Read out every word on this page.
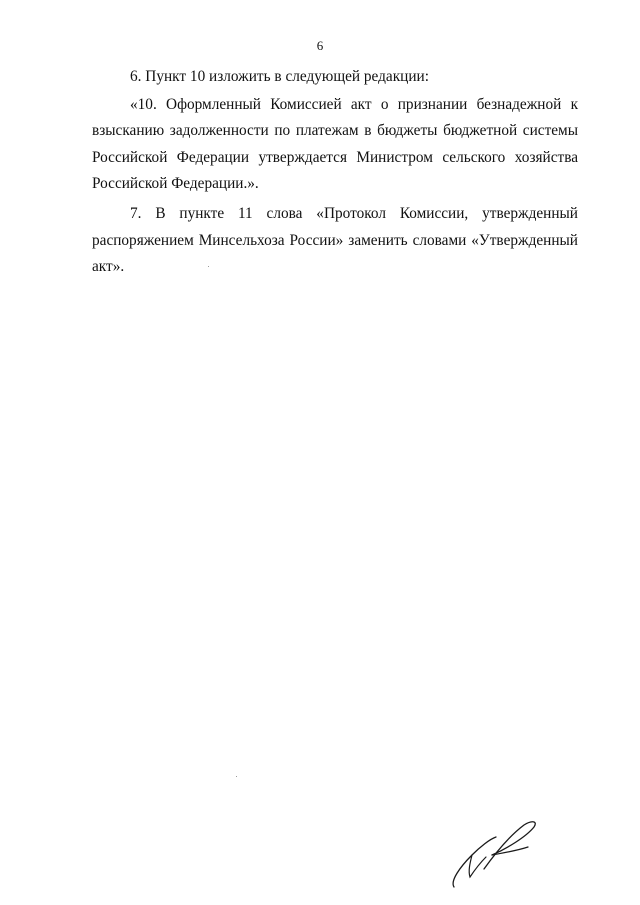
6

6. Пункт 10 изложить в следующей редакции:

«10. Оформленный Комиссией акт о признании безнадежной к взысканию задолженности по платежам в бюджеты бюджетной системы Российской Федерации утверждается Министром сельского хозяйства Российской Федерации.».

7. В пункте 11 слова «Протокол Комиссии, утвержденный распоряжением Минсельхоза России» заменить словами «Утвержденный акт».
